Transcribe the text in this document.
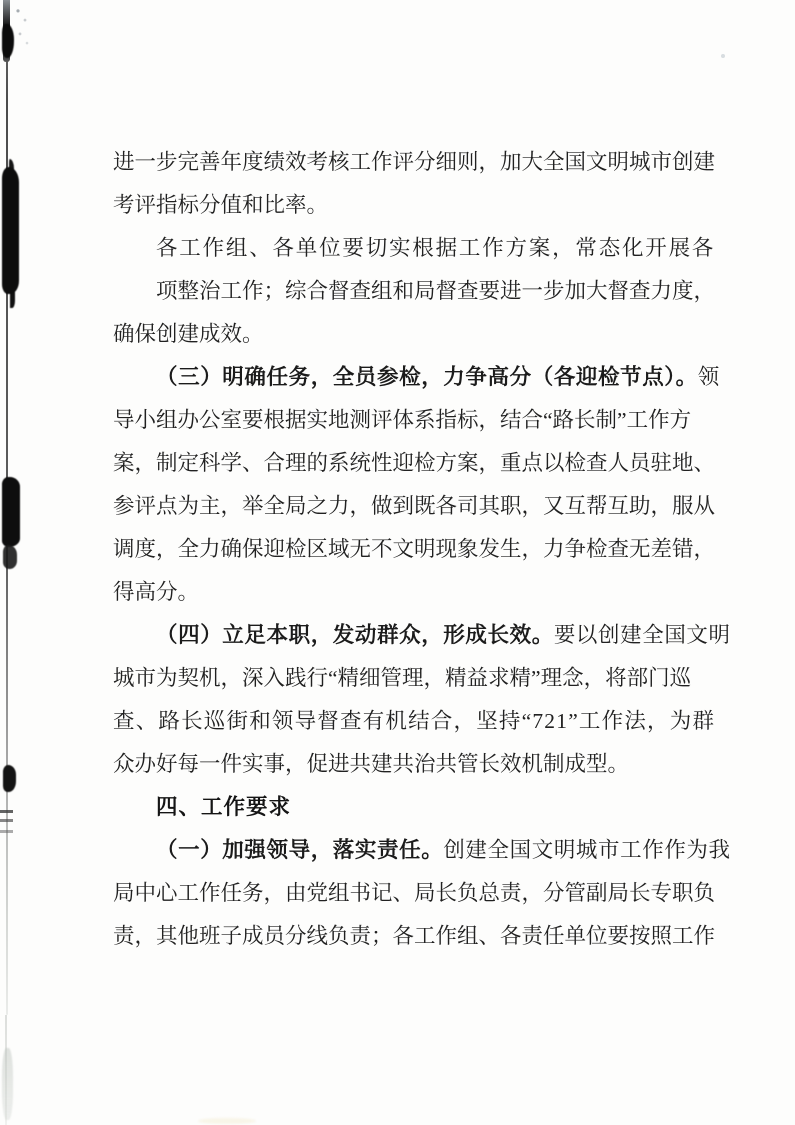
进一步完善年度绩效考核工作评分细则，加大全国文明城市创建
考评指标分值和比率。
各工作组、各单位要切实根据工作方案，常态化开展各
项整治工作；综合督查组和局督查要进一步加大督查力度，
确保创建成效。
（三）明确任务，全员参检，力争高分（各迎检节点）。领
导小组办公室要根据实地测评体系指标，结合“路长制”工作方
案，制定科学、合理的系统性迎检方案，重点以检查人员驻地、
参评点为主，举全局之力，做到既各司其职，又互帮互助，服从
调度，全力确保迎检区域无不文明现象发生，力争检查无差错，
得高分。
（四）立足本职，发动群众，形成长效。要以创建全国文明
城市为契机，深入践行“精细管理，精益求精”理念，将部门巡
查、路长巡街和领导督查有机结合，坚持“721”工作法，为群
众办好每一件实事，促进共建共治共管长效机制成型。
四、工作要求
（一）加强领导，落实责任。创建全国文明城市工作作为我
局中心工作任务，由党组书记、局长负总责，分管副局长专职负
责，其他班子成员分线负责；各工作组、各责任单位要按照工作
